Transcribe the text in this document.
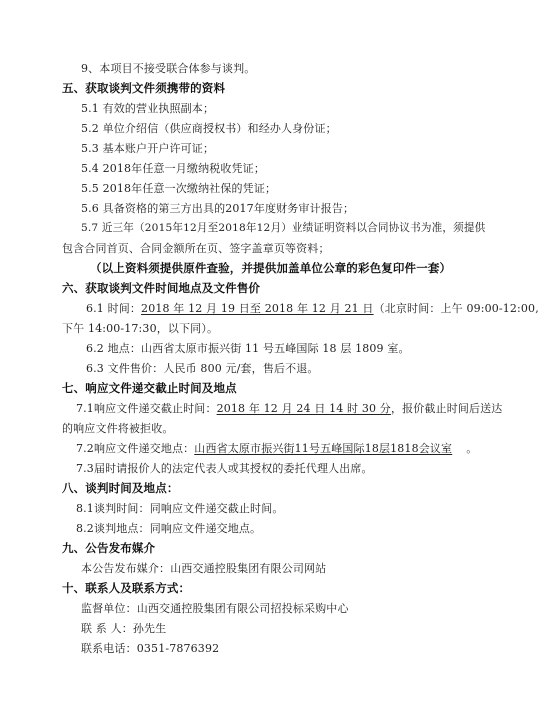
9、本项目不接受联合体参与谈判。

五、获取谈判文件须携带的资料

5.1 有效的营业执照副本；

5.2 单位介绍信（供应商授权书）和经办人身份证；

5.3 基本账户开户许可证；

5.4 2018年任意一月缴纳税收凭证；

5.5 2018年任意一次缴纳社保的凭证；

5.6 具备资格的第三方出具的2017年度财务审计报告；

5.7 近三年（2015年12月至2018年12月）业绩证明资料以合同协议书为准，须提供

包含合同首页、合同金额所在页、签字盖章页等资料；

（以上资料须提供原件查验，并提供加盖单位公章的彩色复印件一套）

六、获取谈判文件时间地点及文件售价

6.1 时间：2018 年 12 月 19 日至 2018 年 12 月 21 日（北京时间：上午 09:00-12:00,

下午 14:00-17:30，以下同）。

6.2 地点：山西省太原市振兴街 11 号五峰国际 18 层 1809 室。

6.3 文件售价：人民币 800 元/套，售后不退。

七、响应文件递交截止时间及地点

7.1响应文件递交截止时间：2018 年 12 月 24 日 14 时 30 分，报价截止时间后送达

的响应文件将被拒收。

7.2响应文件递交地点：山西省太原市振兴街11号五峰国际18层1818会议室 。

7.3届时请报价人的法定代表人或其授权的委托代理人出席。

八、谈判时间及地点：

8.1谈判时间：同响应文件递交截止时间。

8.2谈判地点：同响应文件递交地点。

九、公告发布媒介

本公告发布媒介：山西交通控股集团有限公司网站

十、联系人及联系方式：

监督单位：山西交通控股集团有限公司招投标采购中心

联 系 人：孙先生

联系电话：0351-7876392
